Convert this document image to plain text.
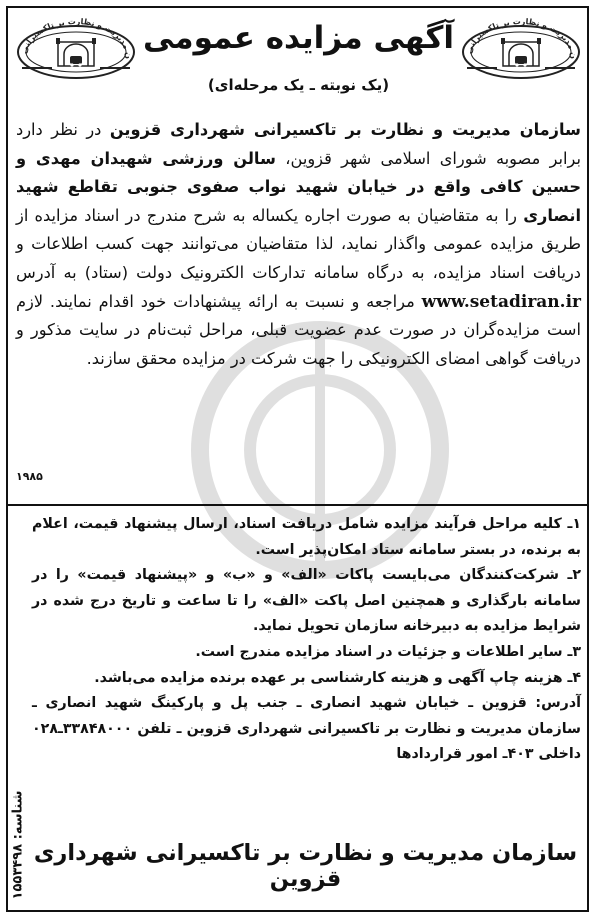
ن مدیریت و نظارت بر تاکسیرانی
ن مدیریت و نظارت بر تاکسیرانی
آگهی مزایده عمومی
(یک نوبته ـ یک مرحله‌ای)
سازمان مدیریت و نظارت بر تاکسیرانی شهرداری قزوین در نظر دارد برابر مصوبه شورای اسلامی شهر قزوین، سالن ورزشی شهیدان مهدی و حسین کافی واقع در خیابان شهید نواب صفوی جنوبی تقاطع شهید انصاری را به متقاضیان به صورت اجاره یکساله به شرح مندرج در اسناد مزایده از طریق مزایده عمومی واگذار نماید، لذا متقاضیان می‌توانند جهت کسب اطلاعات و دریافت اسناد مزایده، به درگاه سامانه تدارکات الکترونیک دولت (ستاد) به آدرس www.setadiran.ir مراجعه و نسبت به ارائه پیشنهادات خود اقدام نمایند. لازم است مزایده‌گران در صورت عدم عضویت قبلی، مراحل ثبت‌نام در سایت مذکور و دریافت گواهی امضای الکترونیکی را جهت شرکت در مزایده محقق سازند.
۱۹۸۵

۱ـ کلیه مراحل فرآیند مزایده شامل دریافت اسناد، ارسال پیشنهاد قیمت، اعلام به برنده، در بستر سامانه ستاد امکان‌پذیر است.

۲ـ شرکت‌کنندگان می‌بایست پاکات «الف» و «ب» و «پیشنهاد قیمت» را در سامانه بارگذاری و همچنین اصل پاکت «الف» را تا ساعت و تاریخ درج شده در شرایط مزایده به دبیرخانه سازمان تحویل نماید.

۳ـ سایر اطلاعات و جزئیات در اسناد مزایده مندرج است.

۴ـ هزینه چاپ آگهی و هزینه کارشناسی بر عهده برنده مزایده می‌باشد.

آدرس: قزوین ـ خیابان شهید انصاری ـ جنب پل و پارکینگ شهید انصاری ـ سازمان مدیریت و نظارت بر تاکسیرانی شهرداری قزوین ـ تلفن ۳۳۸۴۸۰۰۰ـ۰۲۸ داخلی ۴۰۳ـ امور قراردادها

شناسه: ۱۵۵۳۴۹۸
سازمان مدیریت و نظارت بر تاکسیرانی شهرداری قزوین
